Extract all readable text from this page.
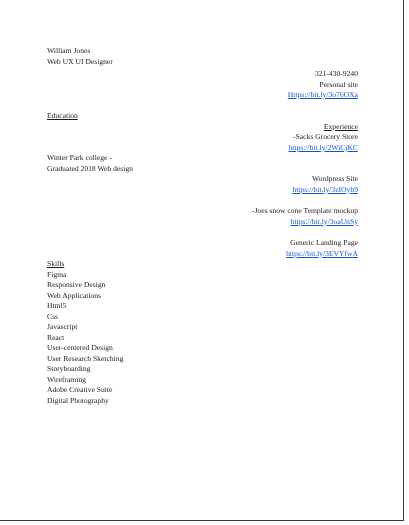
William Jones
Web UX UI Designer
321-430-9240
Personal site
Https://bit.ly/3o76OXa
Education
Experience
-Sacks Grocery Store
https://bit.ly/2WiCjKC
Winter Park college -
Graduated 2018 Web design
Wordpress Site
https://bit.ly/3zIOyb9
-Joes snow cone Template mockup
https://bit.ly/3oaUnSy
Generic Landing Page
https://bit.ly/3EVYfwA
Skills
Figma
Responsive Design
Web Applications
Html5
Css
Javascript
React
User-centered Design
User Research Sketching
Storyboarding
Wireframing
Adobe Creative Suite
Digital Photography
